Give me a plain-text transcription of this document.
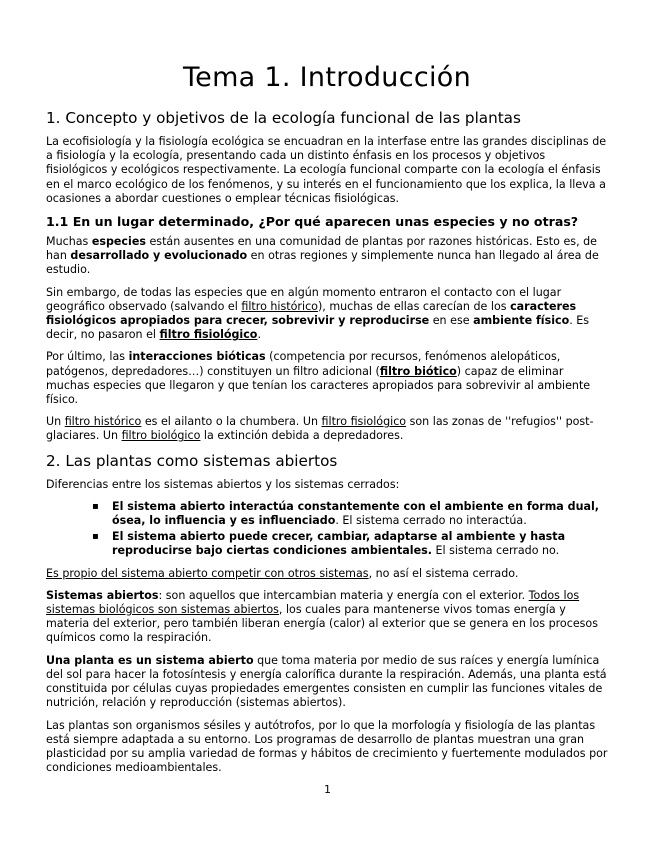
Tema 1. Introducción
1. Concepto y objetivos de la ecología funcional de las plantas

La ecofisiología y la fisiología ecológica se encuadran en la interfase entre las grandes disciplinas de a fisiología y la ecología, presentando cada un distinto énfasis en los procesos y objetivos fisiológicos y ecológicos respectivamente. La ecología funcional comparte con la ecología el énfasis en el marco ecológico de los fenómenos, y su interés en el funcionamiento que los explica, la lleva a ocasiones a abordar cuestiones o emplear técnicas fisiológicas.

1.1 En un lugar determinado, ¿Por qué aparecen unas especies y no otras?

Muchas especies están ausentes en una comunidad de plantas por razones históricas. Esto es, de han desarrollado y evolucionado en otras regiones y simplemente nunca han llegado al área de estudio.

Sin embargo, de todas las especies que en algún momento entraron el contacto con el lugar geográfico observado (salvando el filtro histórico), muchas de ellas carecían de los caracteres fisiológicos apropiados para crecer, sobrevivir y reproducirse en ese ambiente físico. Es decir, no pasaron el filtro fisiológico.

Por último, las interacciones bióticas (competencia por recursos, fenómenos alelopáticos, patógenos, depredadores…) constituyen un filtro adicional (filtro biótico) capaz de eliminar muchas especies que llegaron y que tenían los caracteres apropiados para sobrevivir al ambiente físico.

Un filtro histórico es el ailanto o la chumbera. Un filtro fisiológico son las zonas de ''refugios'' post-glaciares. Un filtro biológico la extinción debida a depredadores.

2. Las plantas como sistemas abiertos

Diferencias entre los sistemas abiertos y los sistemas cerrados:

▪ El sistema abierto interactúa constantemente con el ambiente en forma dual, ósea, lo influencia y es influenciado. El sistema cerrado no interactúa.
▪ El sistema abierto puede crecer, cambiar, adaptarse al ambiente y hasta reproducirse bajo ciertas condiciones ambientales. El sistema cerrado no.

Es propio del sistema abierto competir con otros sistemas, no así el sistema cerrado.

Sistemas abiertos: son aquellos que intercambian materia y energía con el exterior. Todos los sistemas biológicos son sistemas abiertos, los cuales para mantenerse vivos tomas energía y materia del exterior, pero también liberan energía (calor) al exterior que se genera en los procesos químicos como la respiración.

Una planta es un sistema abierto que toma materia por medio de sus raíces y energía lumínica del sol para hacer la fotosíntesis y energía calorífica durante la respiración. Además, una planta está constituida por células cuyas propiedades emergentes consisten en cumplir las funciones vitales de nutrición, relación y reproducción (sistemas abiertos).

Las plantas son organismos sésiles y autótrofos, por lo que la morfología y fisiología de las plantas está siempre adaptada a su entorno. Los programas de desarrollo de plantas muestran una gran plasticidad por su amplia variedad de formas y hábitos de crecimiento y fuertemente modulados por condiciones medioambientales.

1
